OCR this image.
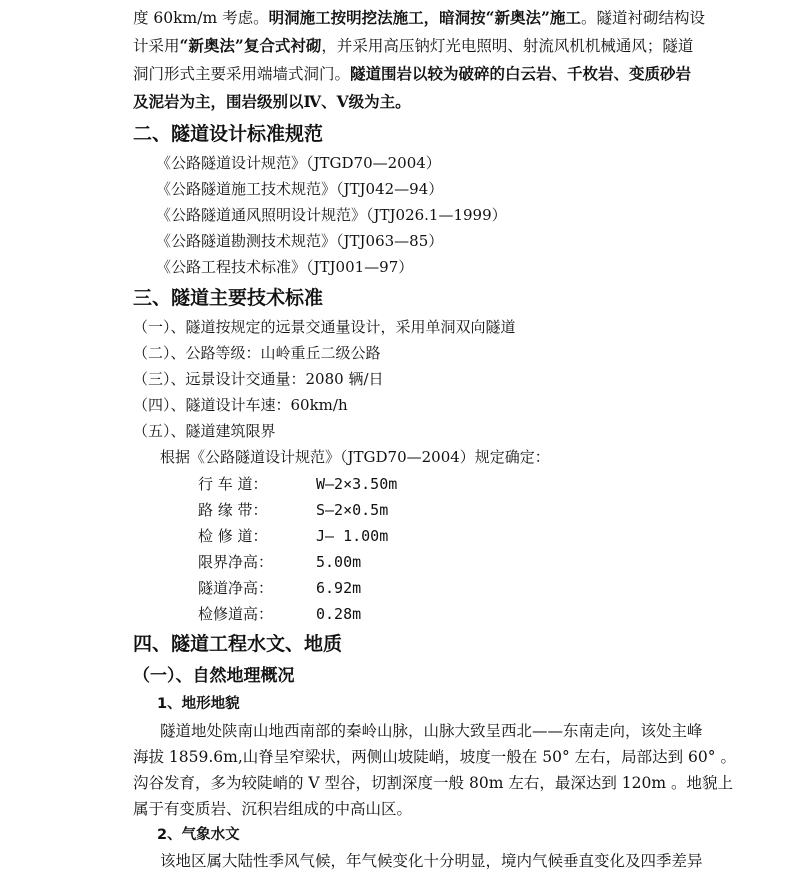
度 60km/m 考虑。明洞施工按明挖法施工，暗洞按“新奥法”施工。隧道衬砌结构设
计采用“新奥法”复合式衬砌，并采用高压钠灯光电照明、射流风机机械通风；隧道
洞门形式主要采用端墙式洞门。隧道围岩以较为破碎的白云岩、千枚岩、变质砂岩
及泥岩为主，围岩级别以Ⅳ、Ⅴ级为主。
二、隧道设计标准规范
《公路隧道设计规范》（JTGD70—2004）
《公路隧道施工技术规范》（JTJ042—94）
《公路隧道通风照明设计规范》（JTJ026.1—1999）
《公路隧道勘测技术规范》（JTJ063—85）
《公路工程技术标准》（JTJ001—97）
三、隧道主要技术标准
（一）、隧道按规定的远景交通量设计，采用单洞双向隧道
（二）、公路等级：山岭重丘二级公路
（三）、远景设计交通量：2080 辆/日
（四）、隧道设计车速：60km/h
（五）、隧道建筑限界
根据《公路隧道设计规范》（JTGD70—2004）规定确定：
行 车 道：	W—2×3.50m
路 缘 带：	S—2×0.5m
检 修 道：	J— 1.00m
限界净高：	5.00m
隧道净高：	6.92m
检修道高：	0.28m
四、隧道工程水文、地质
（一）、自然地理概况
1、地形地貌
隧道地处陕南山地西南部的秦岭山脉，山脉大致呈西北——东南走向，该处主峰
海拔 1859.6m,山脊呈窄梁状，两侧山坡陡峭，坡度一般在 50° 左右，局部达到 60° 。
沟谷发育，多为较陡峭的 V 型谷，切割深度一般 80m 左右，最深达到 120m 。地貌上
属于有变质岩、沉积岩组成的中高山区。
2、气象水文
该地区属大陆性季风气候，年气候变化十分明显，境内气候垂直变化及四季差异
